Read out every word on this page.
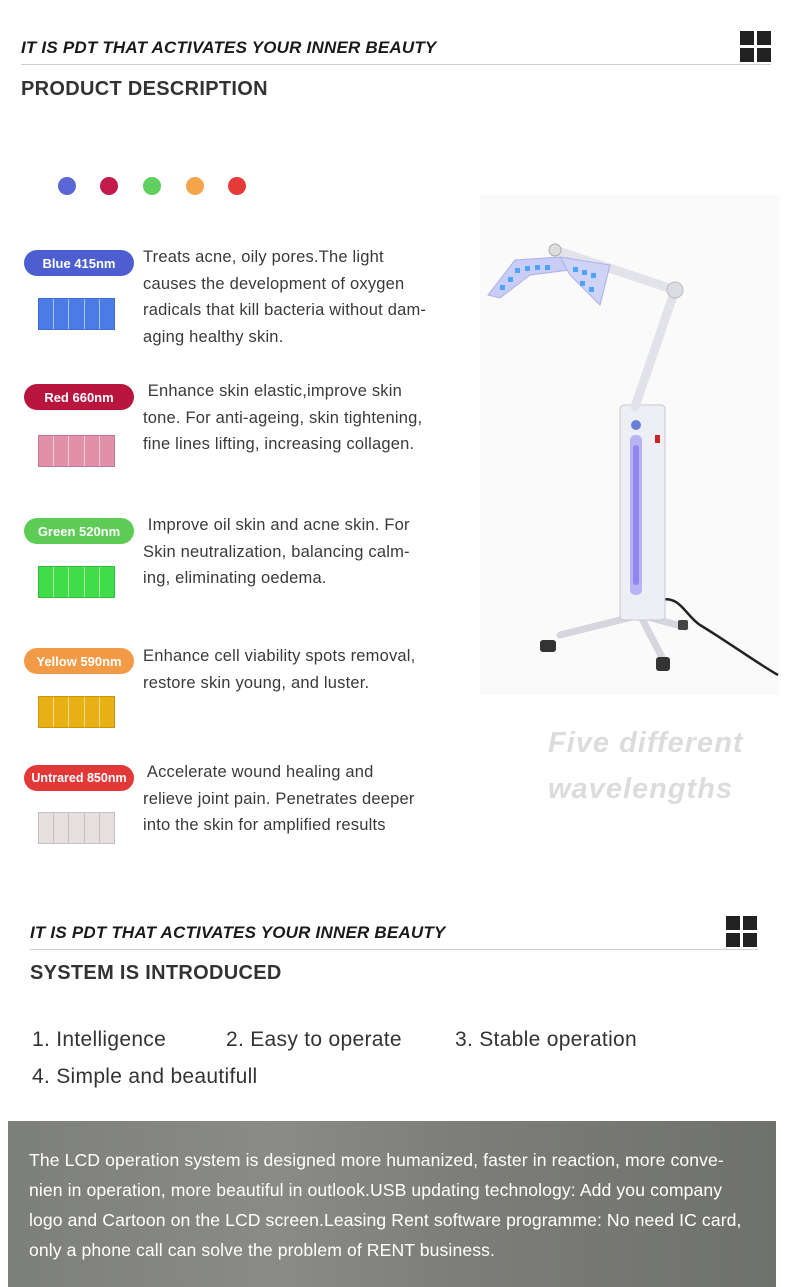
IT IS PDT THAT ACTIVATES YOUR INNER BEAUTY
PRODUCT DESCRIPTION
Blue 415nm	Treats acne, oily pores.The light
causes the development of oxygen
radicals that kill bacteria without dam-
aging healthy skin.
Red 660nm	Enhance skin elastic,improve skin
tone. For anti-ageing, skin tightening,
fine lines lifting, increasing collagen.
Green 520nm	Improve oil skin and acne skin. For
Skin neutralization, balancing calm-
ing, eliminating oedema.
Yellow 590nm	Enhance cell viability spots removal,
restore skin young, and luster.
Untrared 850nm Accelerate wound healing and
relieve joint pain. Penetrates deeper
into the skin for amplified results
Five different
wavelengths
IT IS PDT THAT ACTIVATES YOUR INNER BEAUTY
SYSTEM IS INTRODUCED
1. Intelligence	2. Easy to operate	3. Stable operation
4. Simple and beautifull
The LCD operation system is designed more humanized, faster in reaction, more conve-
nien in operation, more beautiful in outlook.USB updating technology: Add you company
logo and Cartoon on the LCD screen.Leasing Rent software programme: No need IC card,
only a phone call can solve the problem of RENT business.
